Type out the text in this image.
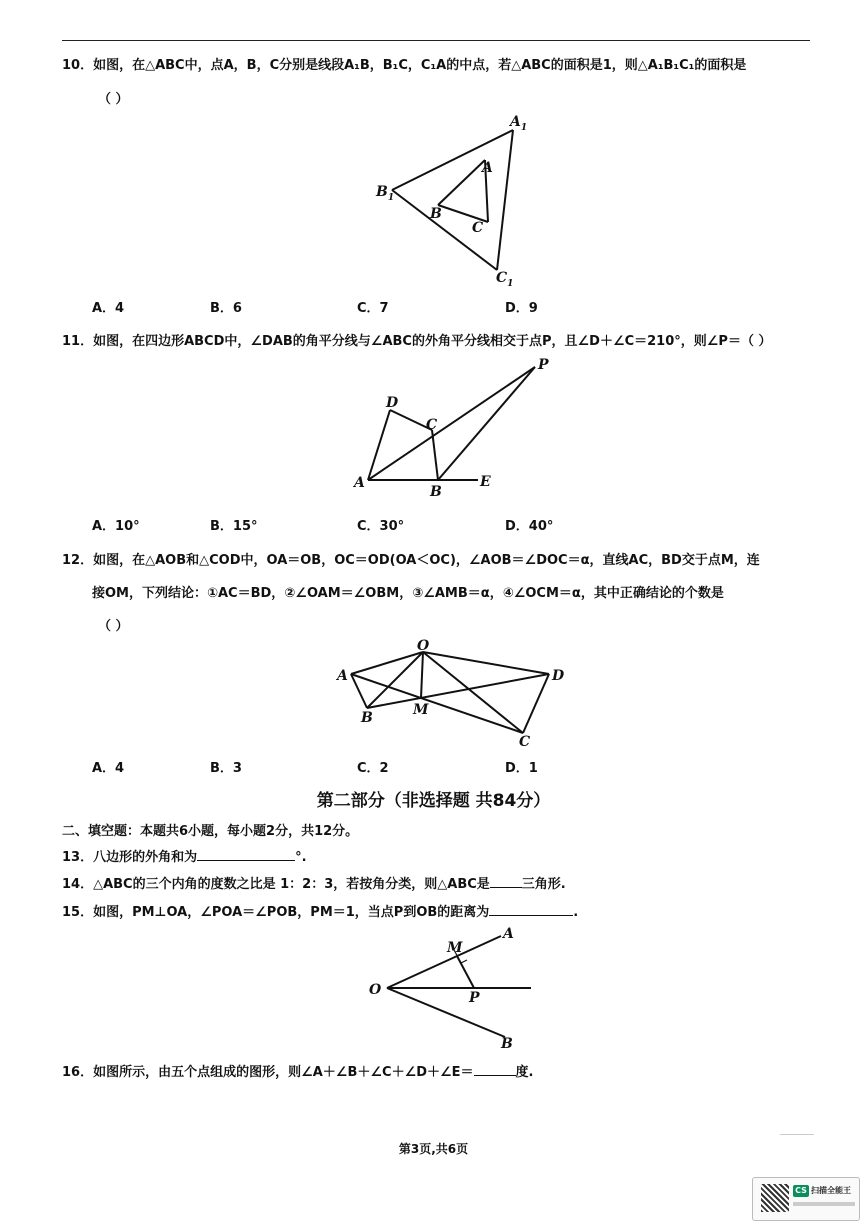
10．如图，在△ABC中，点A，B，C分别是线段A₁B，B₁C，C₁A的中点，若△ABC的面积是1，则△A₁B₁C₁的面积是
（ ）
$A_1$
$B_1$
$C_1$
A
B
C
A．4	B．6	C．7	D．9
11．如图，在四边形ABCD中，∠DAB的角平分线与∠ABC的外角平分线相交于点P，且∠D＋∠C＝210°，则∠P＝（ ）
P
D
C
A
B
E
A．10°	B．15°	C．30°	D．40°
12．如图，在△AOB和△COD中，OA＝OB，OC＝OD(OA＜OC)，∠AOB＝∠DOC＝α，直线AC，BD交于点M，连
接OM，下列结论：①AC＝BD，②∠OAM＝∠OBM，③∠AMB＝α，④∠OCM＝α，其中正确结论的个数是
（ ）
O
A	D
B	M
C
A．4	B．3	C．2	D．1
第二部分（非选择题 共84分）
二、填空题：本题共6小题，每小题2分，共12分。
13．八边形的外角和为	°.
14．△ABC的三个内角的度数之比是 1：2：3，若按角分类，则△ABC是 三角形.
15．如图，PM⊥OA，∠POA＝∠POB，PM＝1，当点P到OB的距离为	.
M
A
O	P
B
16．如图所示，由五个点组成的图形，则∠A＋∠B＋∠C＋∠D＋∠E＝	度.
第3页,共6页
CS 扫描全能王
